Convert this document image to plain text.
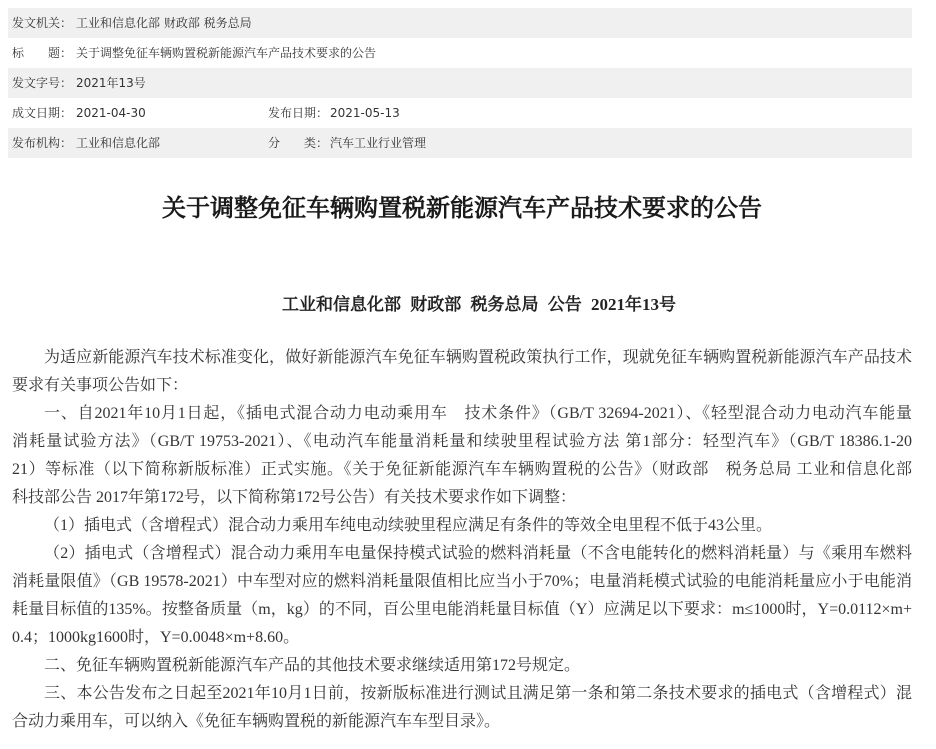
发文机关： 工业和信息化部 财政部 税务总局
标　　题： 关于调整免征车辆购置税新能源汽车产品技术要求的公告
发文字号： 2021年13号
成文日期： 2021-04-30	发布日期： 2021-05-13
发布机构： 工业和信息化部	分　　类： 汽车工业行业管理
关于调整免征车辆购置税新能源汽车产品技术要求的公告
工业和信息化部 财政部 税务总局 公告 2021年13号
为适应新能源汽车技术标准变化，做好新能源汽车免征车辆购置税政策执行工作，现就免征车辆购置税新能源汽车产品技术
要求有关事项公告如下：
一、自2021年10月1日起，《插电式混合动力电动乘用车　技术条件》（GB/T 32694-2021）、《轻型混合动力电动汽车能量
消耗量试验方法》（GB/T 19753-2021）、《电动汽车能量消耗量和续驶里程试验方法 第1部分：轻型汽车》（GB/T 18386.1-20
21）等标准（以下简称新版标准）正式实施。《关于免征新能源汽车车辆购置税的公告》（财政部　税务总局 工业和信息化部
科技部公告 2017年第172号，以下简称第172号公告）有关技术要求作如下调整：
（1）插电式（含增程式）混合动力乘用车纯电动续驶里程应满足有条件的等效全电里程不低于43公里。
（2）插电式（含增程式）混合动力乘用车电量保持模式试验的燃料消耗量（不含电能转化的燃料消耗量）与《乘用车燃料
消耗量限值》（GB 19578-2021）中车型对应的燃料消耗量限值相比应当小于70%；电量消耗模式试验的电能消耗量应小于电能消
耗量目标值的135%。按整备质量（m，kg）的不同，百公里电能消耗量目标值（Y）应满足以下要求：m≤1000时，Y=0.0112×m+
0.4；1000kg1600时，Y=0.0048×m+8.60。
二、免征车辆购置税新能源汽车产品的其他技术要求继续适用第172号规定。
三、本公告发布之日起至2021年10月1日前，按新版标准进行测试且满足第一条和第二条技术要求的插电式（含增程式）混
合动力乘用车，可以纳入《免征车辆购置税的新能源汽车车型目录》。
